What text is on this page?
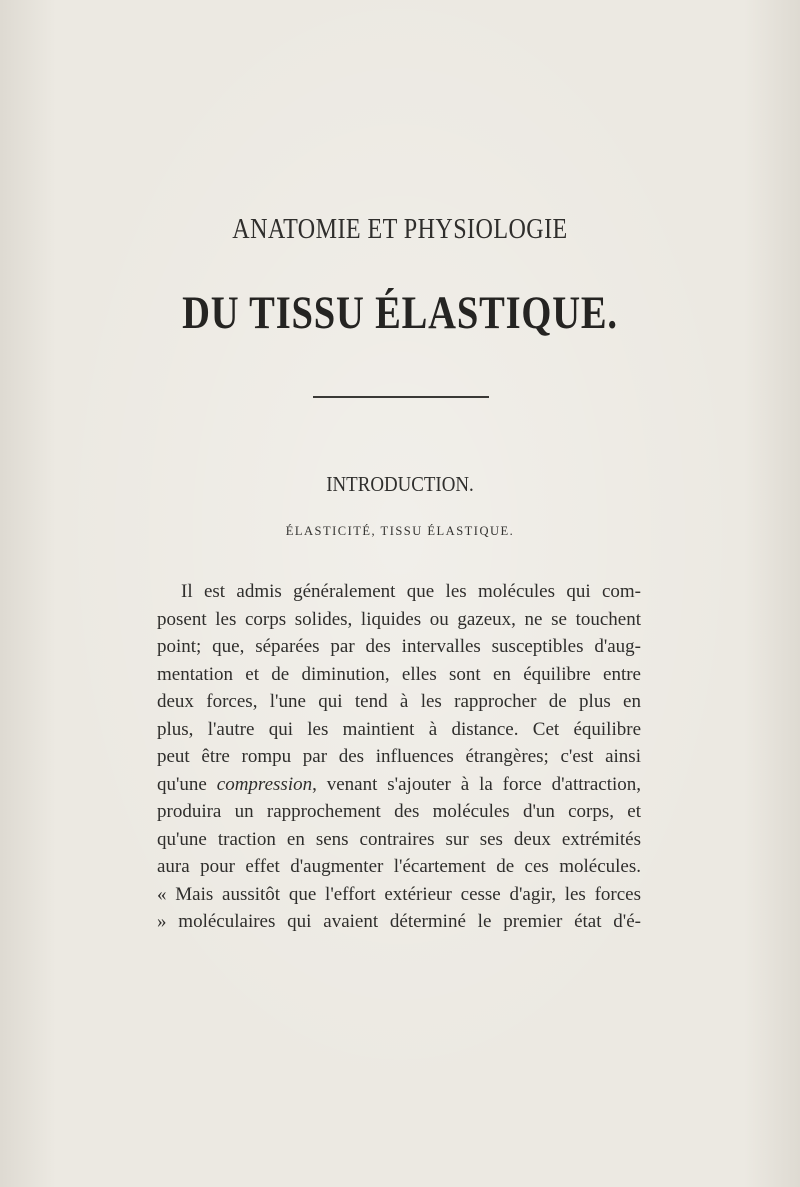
ANATOMIE ET PHYSIOLOGIE
DU TISSU ÉLASTIQUE.
INTRODUCTION.
ÉLASTICITÉ, TISSU ÉLASTIQUE.
Il est admis généralement que les molécules qui com-
posent les corps solides, liquides ou gazeux, ne se touchent
point; que, séparées par des intervalles susceptibles d'aug-
mentation et de diminution, elles sont en équilibre entre
deux forces, l'une qui tend à les rapprocher de plus en
plus, l'autre qui les maintient à distance. Cet équilibre
peut être rompu par des influences étrangères; c'est ainsi
qu'une compression, venant s'ajouter à la force d'attraction,
produira un rapprochement des molécules d'un corps, et
qu'une traction en sens contraires sur ses deux extrémités
aura pour effet d'augmenter l'écartement de ces molécules.
« Mais aussitôt que l'effort extérieur cesse d'agir, les forces
» moléculaires qui avaient déterminé le premier état d'é-
